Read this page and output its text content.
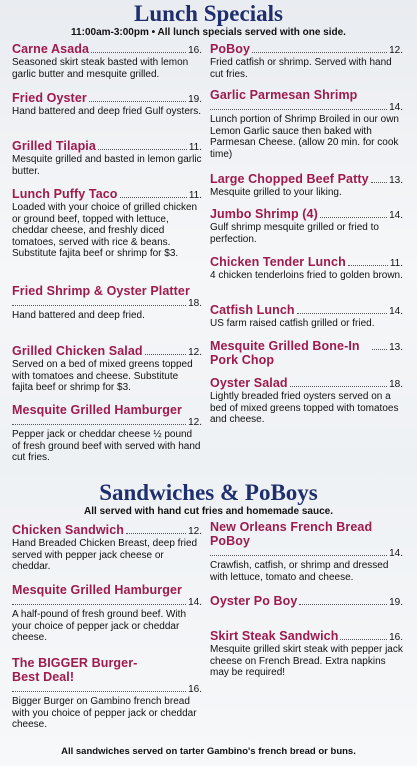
Lunch Specials
11:00am-3:00pm • All lunch specials served with one side.
Carne Asada	16.
Seasoned skirt steak basted with lemon garlic butter and mesquite grilled.
Fried Oyster	19.
Hand battered and deep fried Gulf oysters.
Grilled Tilapia	11.
Mesquite grilled and basted in lemon garlic butter.
Lunch Puffy Taco	11.
Loaded with your choice of grilled chicken or ground beef, topped with lettuce, cheddar cheese, and freshly diced tomatoes, served with rice & beans. Substitute fajita beef or shrimp for $3.
Fried Shrimp & Oyster Platter
18.
Hand battered and deep fried.
Grilled Chicken Salad	12.
Served on a bed of mixed greens topped with tomatoes and cheese. Substitute fajita beef or shrimp for $3.
Mesquite Grilled Hamburger
12.
Pepper jack or cheddar cheese ½ pound of fresh ground beef with served with hand cut fries.
PoBoy	12.
Fried catfish or shrimp. Served with hand cut fries.
Garlic Parmesan Shrimp
14.
Lunch portion of Shrimp Broiled in our own Lemon Garlic sauce then baked with Parmesan Cheese. (allow 20 min. for cook time)
Large Chopped Beef Patty 13.
Mesquite grilled to your liking.
Jumbo Shrimp (4)	14.
Gulf shrimp mesquite grilled or fried to perfection.
Chicken Tender Lunch	11.
4 chicken tenderloins fried to golden brown.
Catfish Lunch	14.
US farm raised catfish grilled or fried.
Mesquite Grilled Bone-In Pork Chop
13.
Oyster Salad	18.
Lightly breaded fried oysters served on a bed of mixed greens topped with tomatoes and cheese.
Sandwiches & PoBoys
All served with hand cut fries and homemade sauce.
Chicken Sandwich	12.
Hand Breaded Chicken Breast, deep fried served with pepper jack cheese or cheddar.
Mesquite Grilled Hamburger
14.
A half-pound of fresh ground beef. With your choice of pepper jack or cheddar cheese.
The BIGGER Burger- Best Deal!
16.
Bigger Burger on Gambino french bread with you choice of pepper jack or cheddar cheese.
New Orleans French Bread PoBoy
14.
Crawfish, catfish, or shrimp and dressed with lettuce, tomato and cheese.
Oyster Po Boy	19.
Skirt Steak Sandwich	16.
Mesquite grilled skirt steak with pepper jack cheese on French Bread. Extra napkins may be required!
All sandwiches served on tarter Gambino's french bread or buns.
